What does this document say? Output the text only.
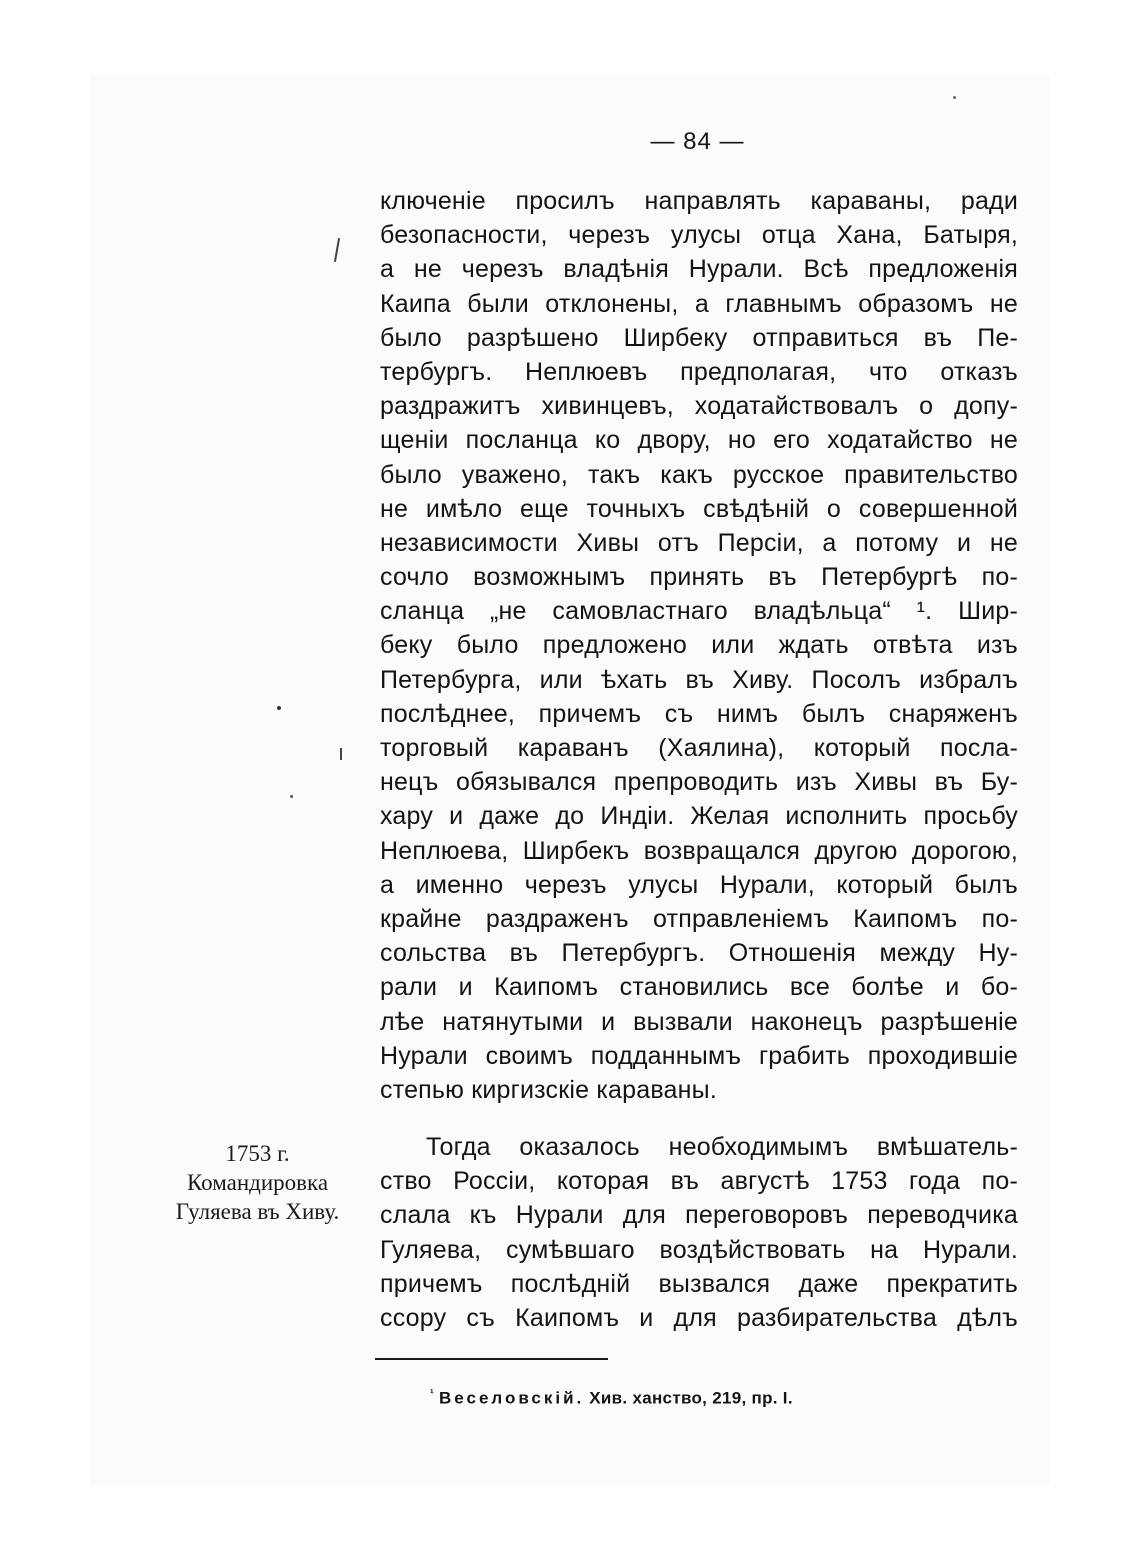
— 84 —
ключеніе просилъ направлять караваны, ради
безопасности, черезъ улусы отца Хана, Батыря,
а не черезъ владѣнія Нурали. Всѣ предложенія
Каипа были отклонены, а главнымъ образомъ не
было разрѣшено Ширбеку отправиться въ Пе-
тербургъ. Неплюевъ предполагая, что отказъ
раздражитъ хивинцевъ, ходатайствовалъ о допу-
щеніи посланца ко двору, но его ходатайство не
было уважено, такъ какъ русское правительство
не имѣло еще точныхъ свѣдѣній о совершенной
независимости Хивы отъ Персіи, а потому и не
сочло возможнымъ принять въ Петербургѣ по-
сланца „не самовластнаго владѣльца“ ¹. Шир-
беку было предложено или ждать отвѣта изъ
Петербурга, или ѣхать въ Хиву. Посолъ избралъ
послѣднее, причемъ съ нимъ былъ снаряженъ
торговый караванъ (Хаялина), который посла-
нецъ обязывался препроводить изъ Хивы въ Бу-
хару и даже до Индіи. Желая исполнить просьбу
Неплюева, Ширбекъ возвращался другою дорогою,
а именно черезъ улусы Нурали, который былъ
крайне раздраженъ отправленіемъ Каипомъ по-
сольства въ Петербургъ. Отношенія между Ну-
рали и Каипомъ становились все болѣе и бо-
лѣе натянутыми и вызвали наконецъ разрѣшеніе
Нурали своимъ подданнымъ грабить проходившіе
степью киргизскіе караваны.
1753 г.
Командировка
Гуляева въ Хиву.
Тогда оказалось необходимымъ вмѣшатель-
ство Россіи, которая въ августѣ 1753 года по-
слала къ Нурали для переговоровъ переводчика
Гуляева, сумѣвшаго воздѣйствовать на Нурали.
причемъ послѣдній вызвался даже прекратить
ссору съ Каипомъ и для разбирательства дѣлъ
$^{^1}$ Веселовскій. Хив. ханство, 219, пр. I.
